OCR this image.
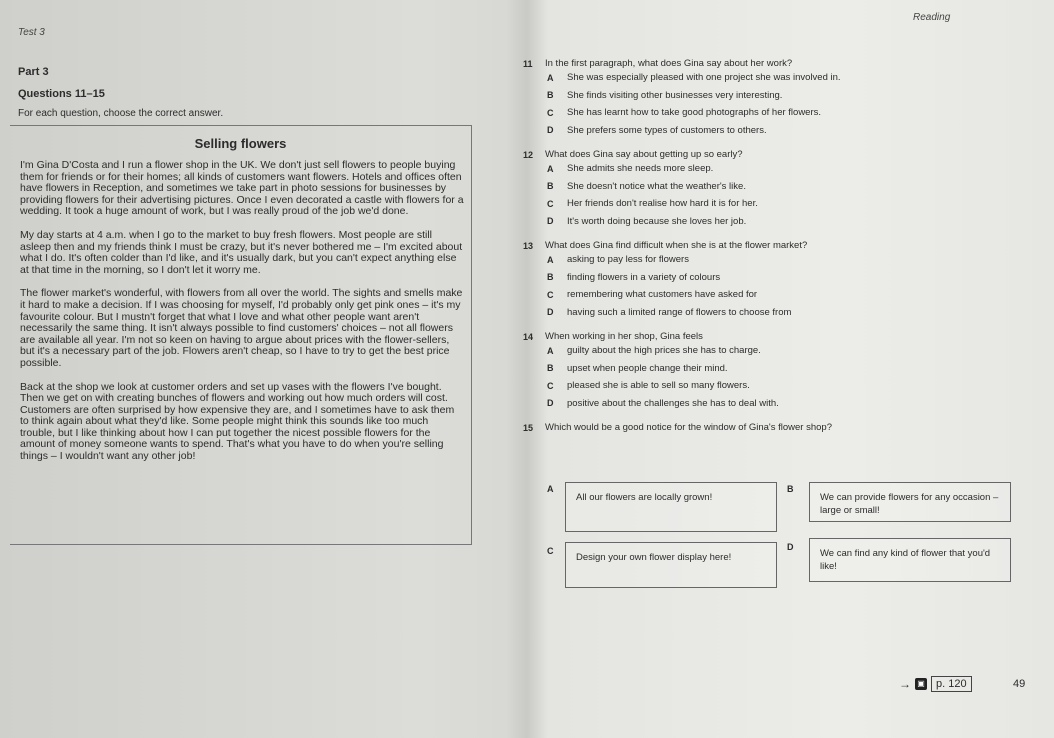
Test 3
Part 3
Questions 11–15
For each question, choose the correct answer.
Selling flowers

I'm Gina D'Costa and I run a flower shop in the UK. We don't just sell flowers to people buying them for friends or for their homes; all kinds of customers want flowers. Hotels and offices often have flowers in Reception, and sometimes we take part in photo sessions for businesses by providing flowers for their advertising pictures. Once I even decorated a castle with flowers for a wedding. It took a huge amount of work, but I was really proud of the job we'd done.

My day starts at 4 a.m. when I go to the market to buy fresh flowers. Most people are still asleep then and my friends think I must be crazy, but it's never bothered me – I'm excited about what I do. It's often colder than I'd like, and it's usually dark, but you can't expect anything else at that time in the morning, so I don't let it worry me.

The flower market's wonderful, with flowers from all over the world. The sights and smells make it hard to make a decision. If I was choosing for myself, I'd probably only get pink ones – it's my favourite colour. But I mustn't forget that what I love and what other people want aren't necessarily the same thing. It isn't always possible to find customers' choices – not all flowers are available all year. I'm not so keen on having to argue about prices with the flower-sellers, but it's a necessary part of the job. Flowers aren't cheap, so I have to try to get the best price possible.

Back at the shop we look at customer orders and set up vases with the flowers I've bought. Then we get on with creating bunches of flowers and working out how much orders will cost. Customers are often surprised by how expensive they are, and I sometimes have to ask them to think again about what they'd like. Some people might think this sounds like too much trouble, but I like thinking about how I can put together the nicest possible flowers for the amount of money someone wants to spend. That's what you have to do when you're selling things – I wouldn't want any other job!

Reading
11	In the first paragraph, what does Gina say about her work?
A	She was especially pleased with one project she was involved in.
B	She finds visiting other businesses very interesting.
C	She has learnt how to take good photographs of her flowers.
D	She prefers some types of customers to others.
12	What does Gina say about getting up so early?
A	She admits she needs more sleep.
B	She doesn't notice what the weather's like.
C	Her friends don't realise how hard it is for her.
D	It's worth doing because she loves her job.
13	What does Gina find difficult when she is at the flower market?
A	asking to pay less for flowers
B	finding flowers in a variety of colours
C	remembering what customers have asked for
D	having such a limited range of flowers to choose from
14	When working in her shop, Gina feels
A	guilty about the high prices she has to charge.
B	upset when people change their mind.
C	pleased she is able to sell so many flowers.
D	positive about the challenges she has to deal with.
15	Which would be a good notice for the window of Gina's flower shop?
A
All our flowers are locally grown!
B
We can provide flowers for any occasion – large or small!
C
Design your own flower display here!
D
We can find any kind of flower that you'd like!
→ ▣	p. 120	49
